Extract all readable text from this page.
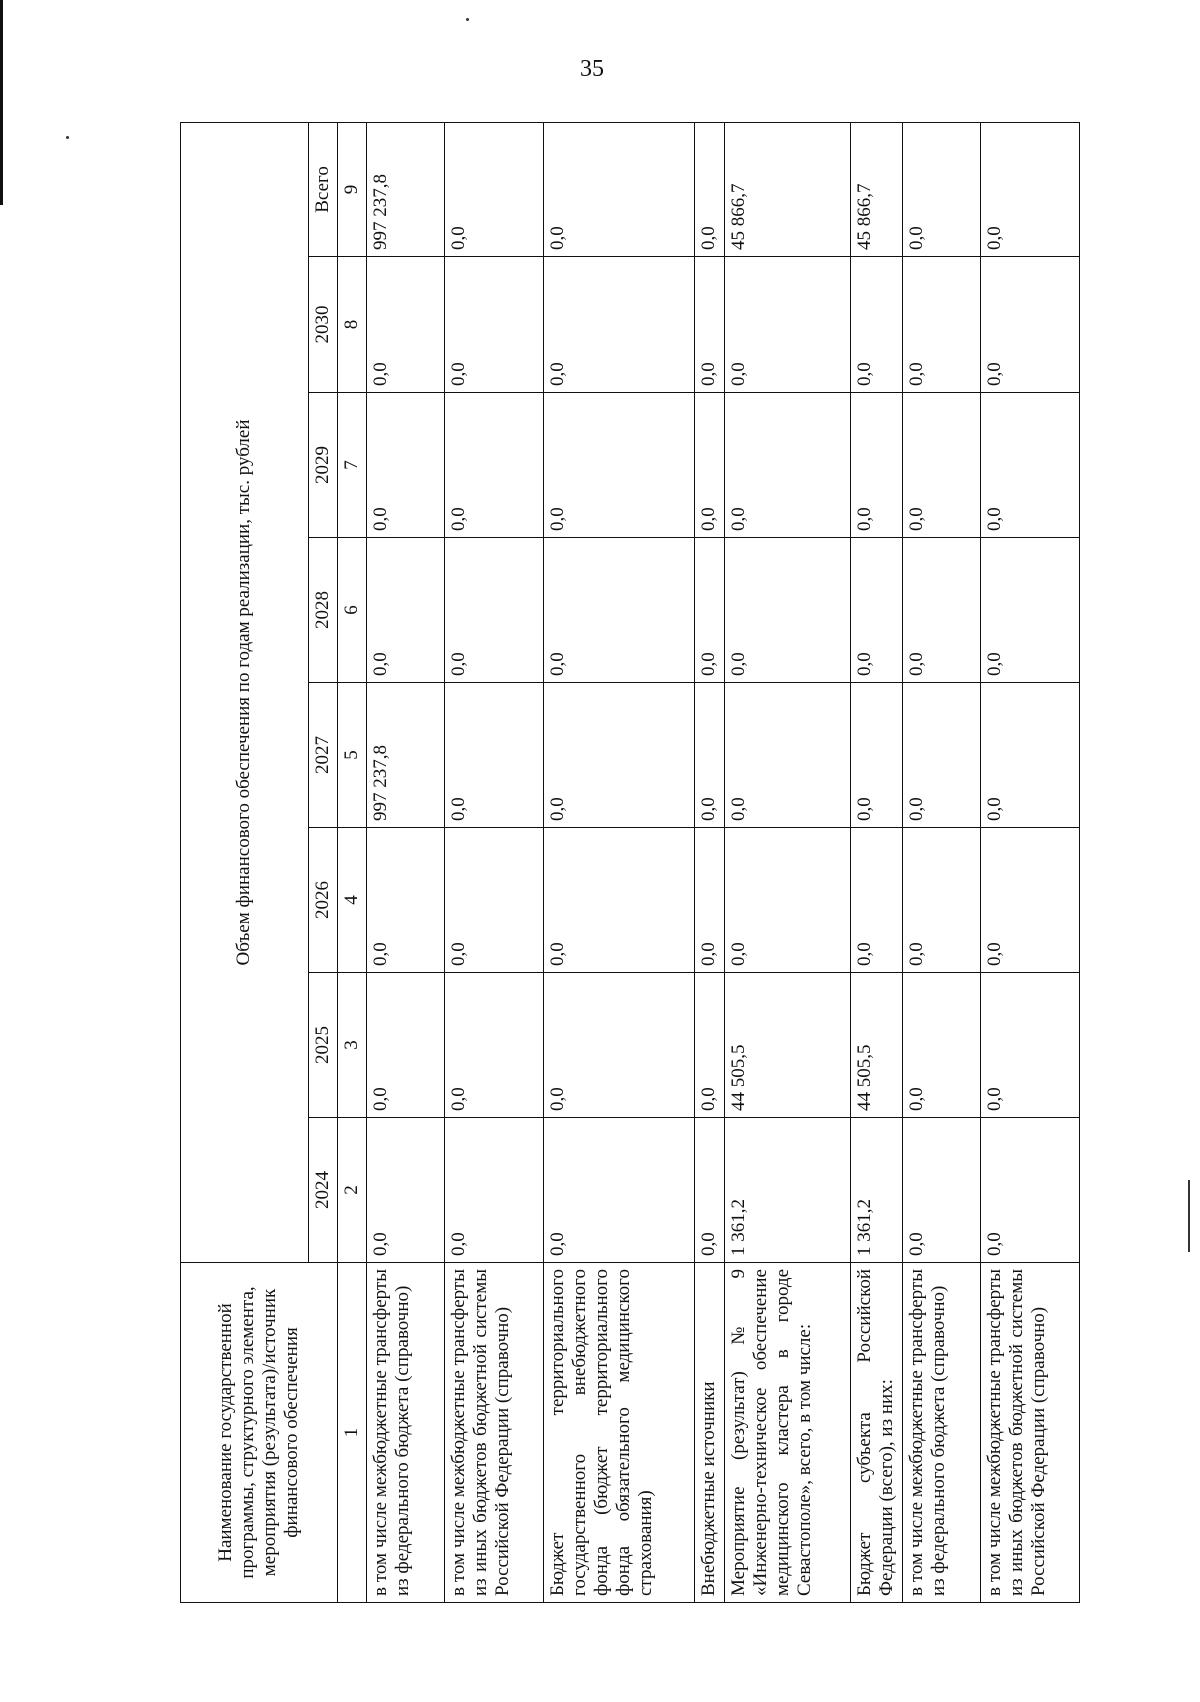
35
Наименование государственной программы, структурного элемента, мероприятия (результата)/источник финансового обеспечения	Объем финансового обеспечения по годам реализации, тыс. рублей							
	2024	2025	2026	2027	2028	2029	2030	Всего
1	2	3	4	5	6	7	8	9
в том числе межбюджетные трансферты из федерального бюджета (справочно)	0,0	0,0	0,0	997 237,8	0,0	0,0	0,0	997 237,8
в том числе межбюджетные трансферты из иных бюджетов бюджетной системы Российской Федерации (справочно)	0,0	0,0	0,0	0,0	0,0	0,0	0,0	0,0
Бюджет территориального государственного внебюджетного фонда (бюджет территориального фонда обязательного медицинского страхования)	0,0	0,0	0,0	0,0	0,0	0,0	0,0	0,0
Внебюджетные источники	0,0	0,0	0,0	0,0	0,0	0,0	0,0	0,0
Мероприятие (результат) № 9 «Инженерно-техническое обеспечение медицинского кластера в городе Севастополе», всего, в том числе:	1 361,2	44 505,5	0,0	0,0	0,0	0,0	0,0	45 866,7
Бюджет субъекта Российской Федерации (всего), из них:	1 361,2	44 505,5	0,0	0,0	0,0	0,0	0,0	45 866,7
в том числе межбюджетные трансферты из федерального бюджета (справочно)	0,0	0,0	0,0	0,0	0,0	0,0	0,0	0,0
в том числе межбюджетные трансферты из иных бюджетов бюджетной системы Российской Федерации (справочно)	0,0	0,0	0,0	0,0	0,0	0,0	0,0	0,0
